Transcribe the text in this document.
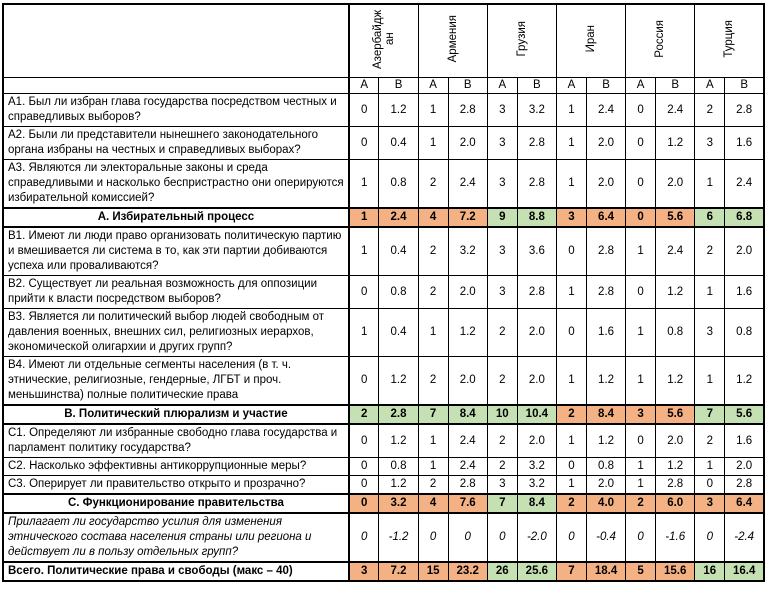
	Азербайджан		Армения		Грузия		Иран		Россия		Турция	
	А	В	А	В	А	В	А	В	А	В	А	В
А1. Был ли избран глава государства посредством честных и справедливых выборов?	0	1.2	1	2.8	3	3.2	1	2.4	0	2.4	2	2.8
А2. Были ли представители нынешнего законодательного органа избраны на честных и справедливых выборах?	0	0.4	1	2.0	3	2.8	1	2.0	0	1.2	3	1.6
А3. Являются ли электоральные законы и среда справедливыми и насколько беспристрастно они оперируются избирательной комиссией?	1	0.8	2	2.4	3	2.8	1	2.0	0	2.0	1	2.4
А. Избирательный процесс	1	2.4	4	7.2	9	8.8	3	6.4	0	5.6	6	6.8
В1. Имеют ли люди право организовать политическую партию и вмешивается ли система в то, как эти партии добиваются успеха или проваливаются?	1	0.4	2	3.2	3	3.6	0	2.8	1	2.4	2	2.0
В2. Существует ли реальная возможность для оппозиции прийти к власти посредством выборов?	0	0.8	2	2.0	3	2.8	1	2.8	0	1.2	1	1.6
В3. Является ли политический выбор людей свободным от давления военных, внешних сил, религиозных иерархов, экономической олигархии и других групп?	1	0.4	1	1.2	2	2.0	0	1.6	1	0.8	3	0.8
В4. Имеют ли отдельные сегменты населения (в т. ч. этнические, религиозные, гендерные, ЛГБТ и проч. меньшинства) полные политические права	0	1.2	2	2.0	2	2.0	1	1.2	1	1.2	1	1.2
В. Политический плюрализм и участие	2	2.8	7	8.4	10	10.4	2	8.4	3	5.6	7	5.6
С1. Определяют ли избранные свободно глава государства и парламент политику государства?	0	1.2	1	2.4	2	2.0	1	1.2	0	2.0	2	1.6
С2. Насколько эффективны антикоррупционные меры?	0	0.8	1	2.4	2	3.2	0	0.8	1	1.2	1	2.0
С3. Оперирует ли правительство открыто и прозрачно?	0	1.2	2	2.8	3	3.2	1	2.0	1	2.8	0	2.8
С. Функционирование правительства	0	3.2	4	7.6	7	8.4	2	4.0	2	6.0	3	6.4
Прилагает ли государство усилия для изменения этнического состава населения страны или региона и действует ли в пользу отдельных групп?	0	-1.2	0	0	0	-2.0	0	-0.4	0	-1.6	0	-2.4
Всего. Политические права и свободы (макс – 40)	3	7.2	15	23.2	26	25.6	7	18.4	5	15.6	16	16.4
